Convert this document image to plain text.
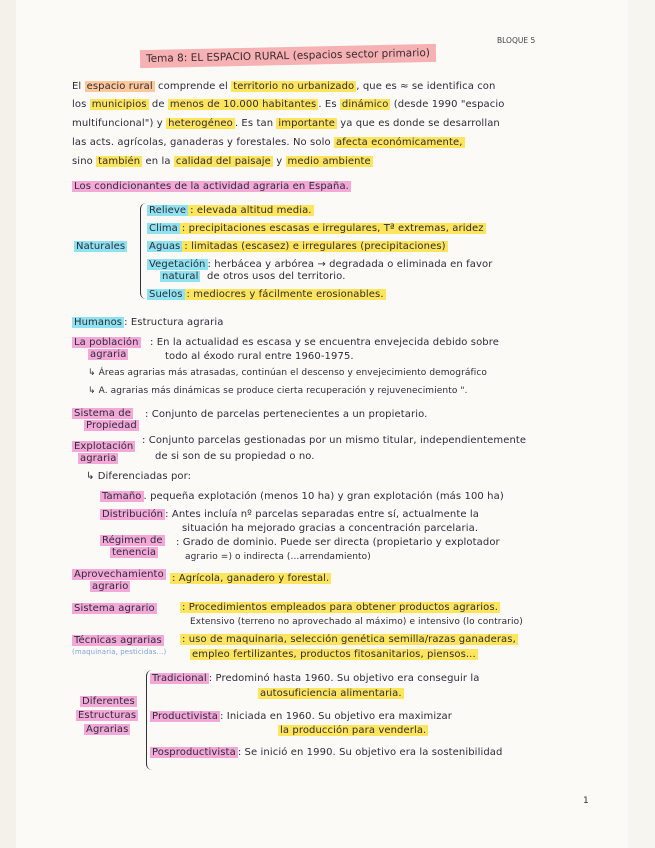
BLOQUE 5
Tema 8: EL ESPACIO RURAL (espacios sector primario)
El espacio rural comprende el territorio no urbanizado , que es ≈ se identifica con
los municipios de menos de 10.000 habitantes . Es dinámico (desde 1990 "espacio
multifuncional") y heterogéneo . Es tan importante ya que es donde se desarrollan
las acts. agrícolas, ganaderas y forestales. No solo afecta económicamente,
sino también en la calidad del paisaje y medio ambiente
Los condicionantes de la actividad agraria en España.
Naturales
Relieve : elevada altitud media.
Clima : precipitaciones escasas e irregulares, Tª extremas, aridez
Aguas : limitadas (escasez) e irregulares (precipitaciones)
Vegetación : herbácea y arbórea → degradada o eliminada en favor
natural de otros usos del territorio.
Suelos : mediocres y fácilmente erosionables.
Humanos : Estructura agraria
La población
agraria
: En la actualidad es escasa y se encuentra envejecida debido sobre
todo al éxodo rural entre 1960-1975.
↳ Áreas agrarias más atrasadas, continúan el descenso y envejecimiento demográfico
↳ A. agrarias más dinámicas se produce cierta recuperación y rejuvenecimiento ".
Sistema de
Propiedad
: Conjunto de parcelas pertenecientes a un propietario.
Explotación
agraria
: Conjunto parcelas gestionadas por un mismo titular, independientemente
de si son de su propiedad o no.
↳ Diferenciadas por:
Tamaño . pequeña explotación (menos 10 ha) y gran explotación (más 100 ha)
Distribución : Antes incluía nº parcelas separadas entre sí, actualmente la
situación ha mejorado gracias a concentración parcelaria.
Régimen de
tenencia
: Grado de dominio. Puede ser directa (propietario y explotador
agrario =) o indirecta (...arrendamiento)
Aprovechamiento
agrario
: Agrícola, ganadero y forestal.
Sistema agrario	: Procedimientos empleados para obtener productos agrarios.
Extensivo (terreno no aprovechado al máximo) e intensivo (lo contrario)
Técnicas agrarias
(maquinaria, pesticidas...)
: uso de maquinaria, selección genética semilla/razas ganaderas,
empleo fertilizantes, productos fitosanitarios, piensos...
Diferentes
Estructuras
Agrarias
Tradicional : Predominó hasta 1960. Su objetivo era conseguir la
autosuficiencia alimentaria.
Productivista : Iniciada en 1960. Su objetivo era maximizar
la producción para venderla.
Posproductivista : Se inició en 1990. Su objetivo era la sostenibilidad
1
